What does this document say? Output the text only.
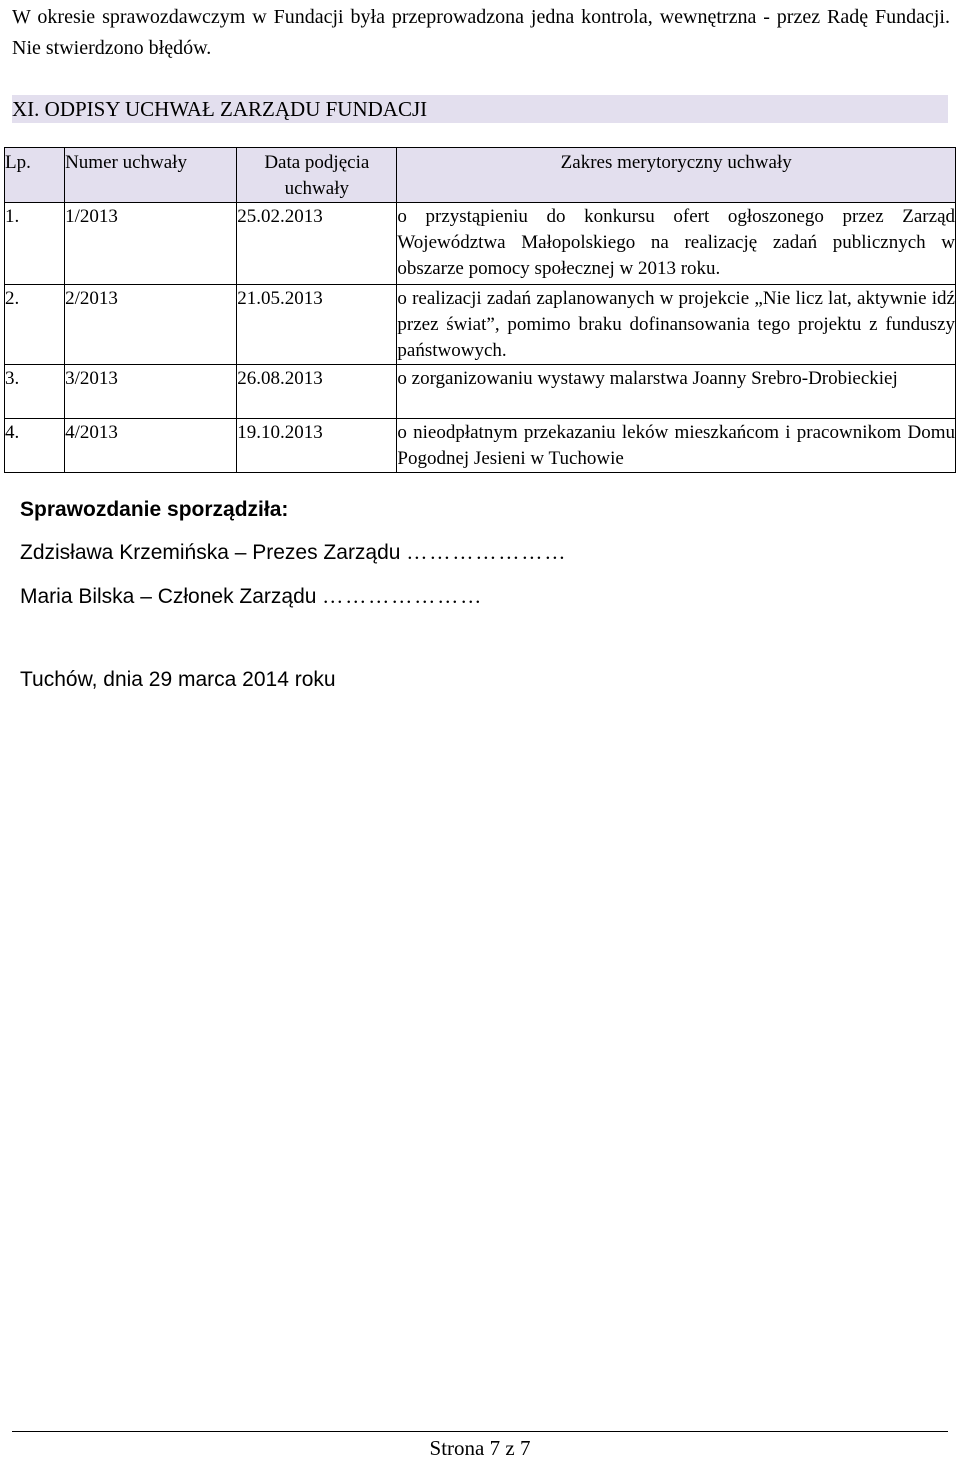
W okresie sprawozdawczym w Fundacji była przeprowadzona jedna kontrola, wewnętrzna - przez Radę Fundacji. Nie stwierdzono błędów.

XI. ODPISY UCHWAŁ ZARZĄDU FUNDACJI
Lp.	Numer uchwały	Data podjęcia uchwały	Zakres merytoryczny uchwały
1.	1/2013	25.02.2013	o przystąpieniu do konkursu ofert ogłoszonego przez Zarząd Województwa Małopolskiego na realizację zadań publicznych w obszarze pomocy społecznej w 2013 roku.
2.	2/2013	21.05.2013	o realizacji zadań zaplanowanych w projekcie „Nie licz lat, aktywnie idź przez świat”, pomimo braku dofinansowania tego projektu z funduszy państwowych.
3.	3/2013	26.08.2013	o zorganizowaniu wystawy malarstwa Joanny Srebro-Drobieckiej
4.	4/2013	19.10.2013	o nieodpłatnym przekazaniu leków mieszkańcom i pracownikom Domu Pogodnej Jesieni w Tuchowie
Sprawozdanie sporządziła:
Zdzisława Krzemińska – Prezes Zarządu …………………
Maria Bilska – Członek Zarządu …………………
Tuchów, dnia 29 marca 2014 roku
Strona 7 z 7
